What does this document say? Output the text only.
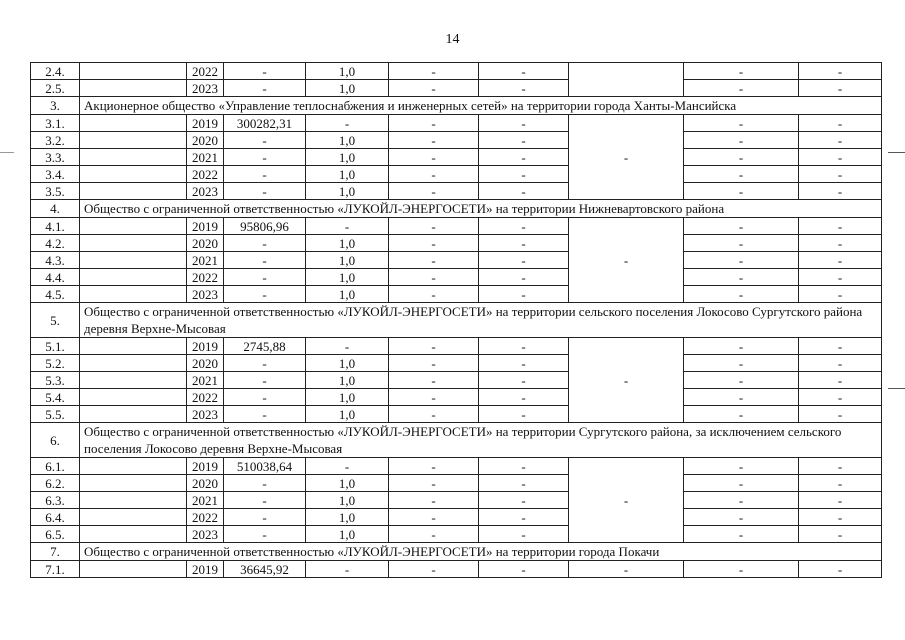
14
2.4.		2022	-	1,0	-	-		-	-
2.5.		2023	-	1,0	-	-		-	-
3.	Акционерное общество «Управление теплоснабжения и инженерных сетей» на территории города Ханты-Мансийска								
3.1.		2019	300282,31	-	-	-	-	-	-
3.2.		2020	-	1,0	-	-		-	-
3.3.		2021	-	1,0	-	-		-	-
3.4.		2022	-	1,0	-	-		-	-
3.5.		2023	-	1,0	-	-		-	-
4.	Общество с ограниченной ответственностью «ЛУКОЙЛ-ЭНЕРГОСЕТИ» на территории Нижневартовского района								
4.1.		2019	95806,96	-	-	-	-	-	-
4.2.		2020	-	1,0	-	-		-	-
4.3.		2021	-	1,0	-	-		-	-
4.4.		2022	-	1,0	-	-		-	-
4.5.		2023	-	1,0	-	-		-	-
5.	Общество с ограниченной ответственностью «ЛУКОЙЛ-ЭНЕРГОСЕТИ» на территории сельского поселения Локосово Сургутского района деревня Верхне-Мысовая								
5.1.		2019	2745,88	-	-	-	-	-	-
5.2.		2020	-	1,0	-	-		-	-
5.3.		2021	-	1,0	-	-		-	-
5.4.		2022	-	1,0	-	-		-	-
5.5.		2023	-	1,0	-	-		-	-
6.	Общество с ограниченной ответственностью «ЛУКОЙЛ-ЭНЕРГОСЕТИ» на территории Сургутского района, за исключением сельского поселения Локосово деревня Верхне-Мысовая								
6.1.		2019	510038,64	-	-	-	-	-	-
6.2.		2020	-	1,0	-	-		-	-
6.3.		2021	-	1,0	-	-		-	-
6.4.		2022	-	1,0	-	-		-	-
6.5.		2023	-	1,0	-	-		-	-
7.	Общество с ограниченной ответственностью «ЛУКОЙЛ-ЭНЕРГОСЕТИ» на территории города Покачи								
7.1.		2019	36645,92	-	-	-	-	-	-
